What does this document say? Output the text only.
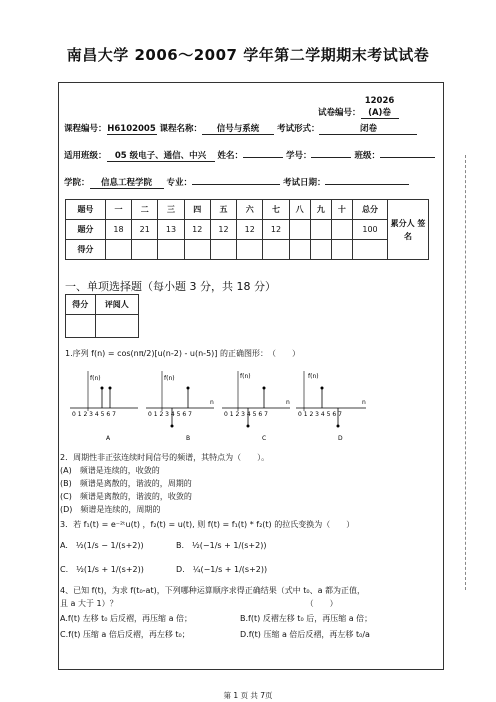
南昌大学 2006～2007 学年第二学期期末考试试卷
试卷编号：12026 (A)卷
课程编号：H6102005 课程名称： 信号与系统 考试形式：	闭卷
适用班级： 05 级电子、通信、中兴 姓名：	学号：	班级：
学院： 信息工程学院 专业：	考试日期：
题号	一	二	三	四	五	六	七	八	九	十	总分	累分人 签名
题分	18	21	13	12	12	12	12				100	
得分												
一、单项选择题（每小题 3 分，共 18 分）
得分	评阅人

1.序列 f(n) = cos(nπ/2)[u(n-2) - u(n-5)] 的正确图形：　（　　）
f(n)
0 1 2 3 4 5 6 7
A
f(n)
n
0 1 2 3 4 5 6 7
B
f(n)
n
0 1 2 3 4 5 6 7
C
f(n)
n
0 1 2 3 4 5 6 7
D
2．周期性非正弦连续时间信号的频谱，其特点为（　　）。
(A)　频谱是连续的，收敛的
(B)　频谱是离散的，谐波的，周期的
(C)　频谱是离散的，谐波的，收敛的
(D)　频谱是连续的，周期的
3．若 f₁(t) = e⁻²ᵗu(t) ，f₂(t) = u(t), 则 f(t) = f₁(t) * f₂(t) 的拉氏变换为（　　）
A.　½(1/s − 1/(s+2))	B.　½(−1/s + 1/(s+2))
C.　½(1/s + 1/(s+2))	D.　¼(−1/s + 1/(s+2))
4、已知 f(t)，为求 f(t₀-at)，下列哪种运算顺序求得正确结果（式中 t₀、a 都为正值，
且 a 大于 1）？　　　　　　　　　　　　　　　　　　　　　　　　（　　）
A.f(t) 左移 t₀ 后反褶，再压缩 a 倍；	B.f(t) 反褶左移 t₀ 后，再压缩 a 倍；
C.f(t) 压缩 a 倍后反褶，再左移 t₀；	D.f(t) 压缩 a 倍后反褶，再左移 t₀/a
第 1 页 共 7页
